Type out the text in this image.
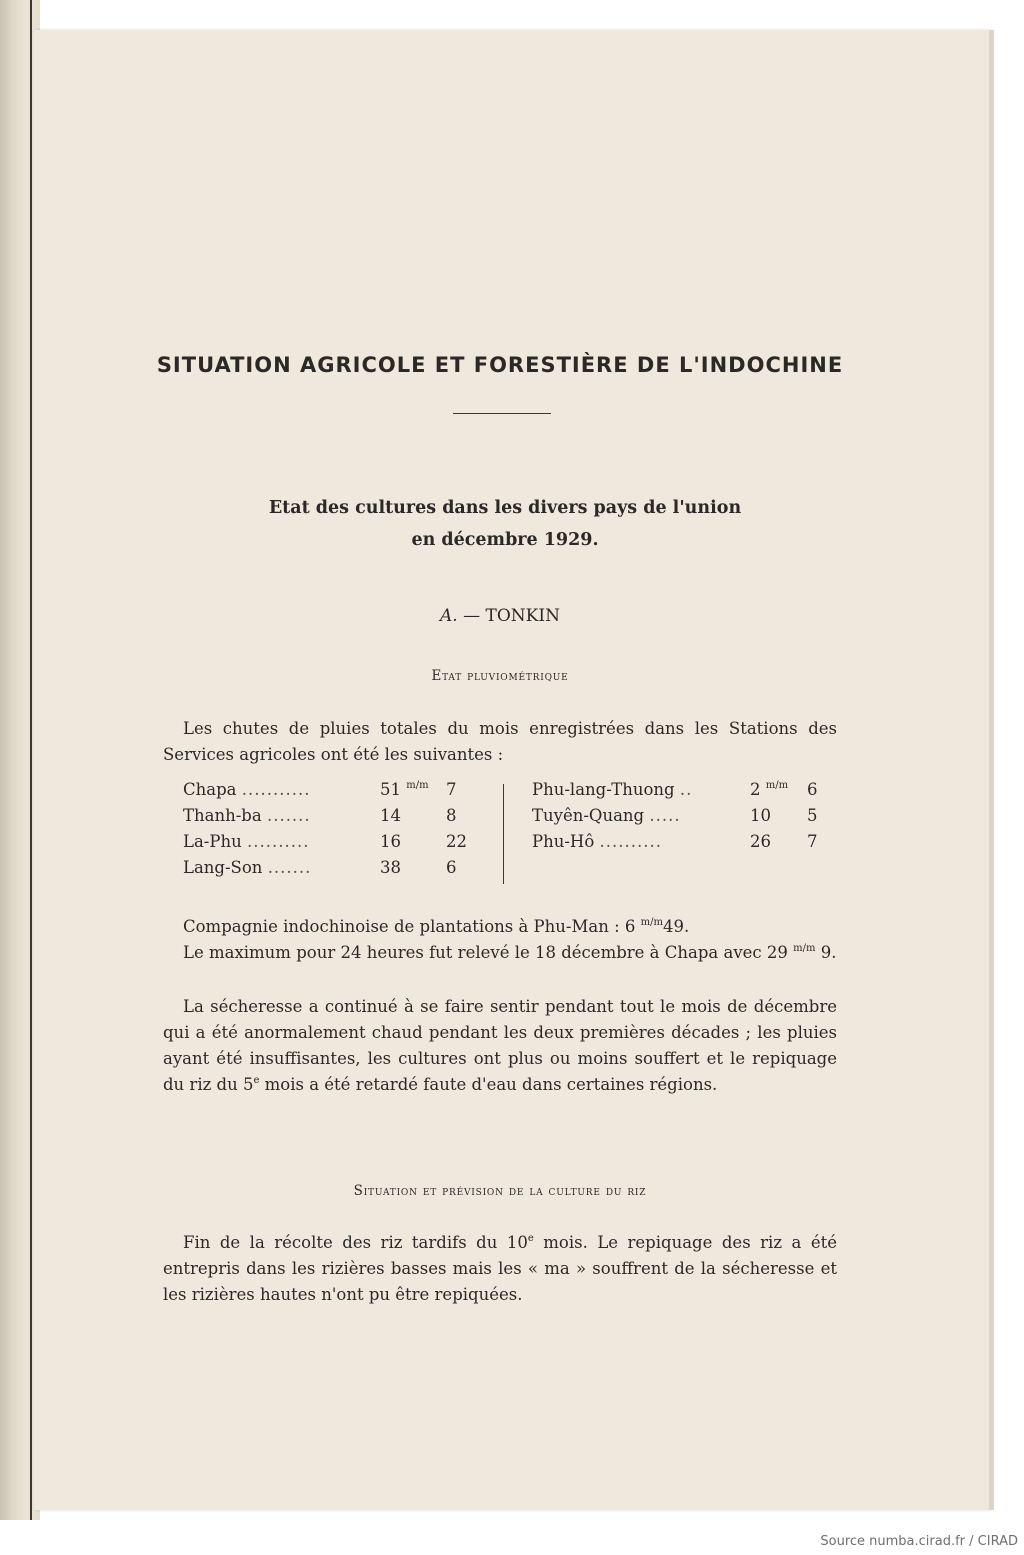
SITUATION AGRICOLE ET FORESTIÈRE DE L'INDOCHINE
Etat des cultures dans les divers pays de l'union
en décembre 1929.
A. — TONKIN
Etat pluviométrique

Les chutes de pluies totales du mois enregistrées dans les Stations des Services agricoles ont été les suivantes :

Chapa ...........	51 $^{m/m}$ 7
Thanh-ba .......	14	8
La-Phu ..........	16	22
Lang-Son .......	38	6
Phu-lang-Thuong ..	2 $^{m/m}$ 6
Tuyên-Quang .....	10 5
Phu-Hô ..........	26 7

Compagnie indochinoise de plantations à Phu-Man : 6 $^{m/m}$49.

Le maximum pour 24 heures fut relevé le 18 décembre à Chapa avec 29 $^{m/m}$ 9.

La sécheresse a continué à se faire sentir pendant tout le mois de décembre qui a été anormalement chaud pendant les deux premières décades ; les pluies ayant été insuffisantes, les cultures ont plus ou moins souffert et le repiquage du riz du 5e mois a été retardé faute d'eau dans certaines régions.

Situation et prévision de la culture du riz

Fin de la récolte des riz tardifs du 10e mois. Le repiquage des riz a été entrepris dans les rizières basses mais les « ma » souffrent de la sécheresse et les rizières hautes n'ont pu être repiquées.

Source numba.cirad.fr / CIRAD
